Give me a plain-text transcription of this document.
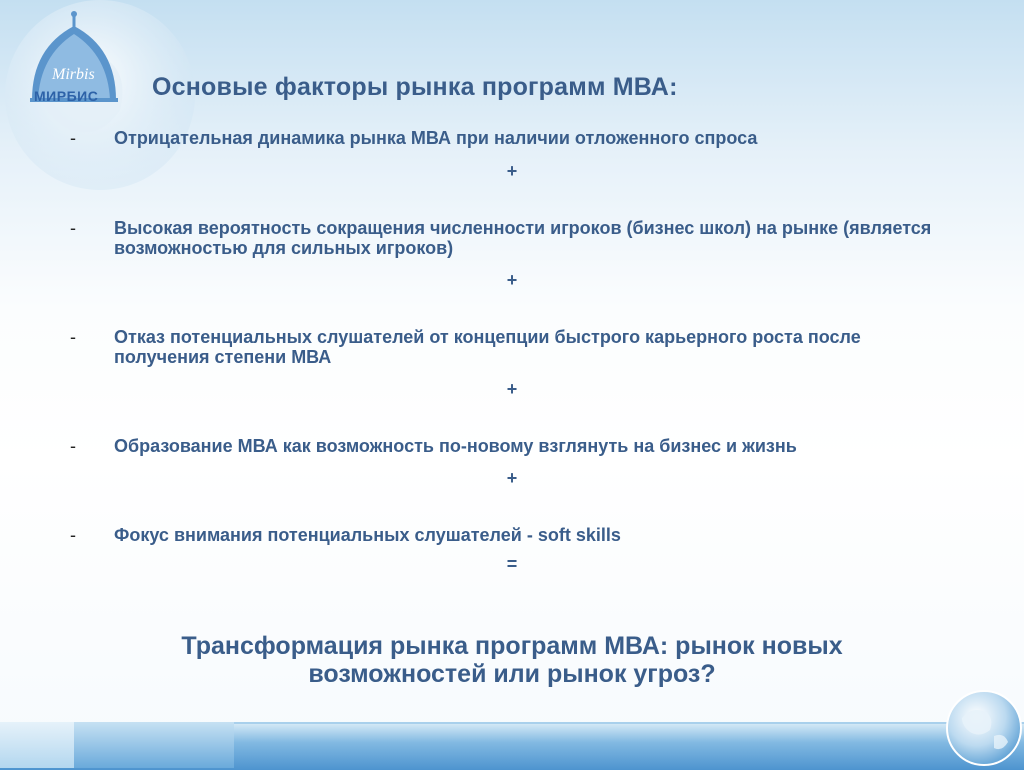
Mirbis
МИРБИС Основые факторы рынка программ МВА:
-	Отрицательная динамика рынка МВА при наличии отложенного спроса
+
-	Высокая вероятность сокращения численности игроков (бизнес школ) на рынке (является возможностью для сильных игроков)
+
-	Отказ потенциальных слушателей от концепции быстрого карьерного роста после получения степени МВА
+
-	Образование МВА как возможность по-новому взглянуть на бизнес и жизнь
+
-	Фокус внимания потенциальных слушателей - soft skills
=
Трансформация рынка программ МВА: рынок новых возможностей или рынок угроз?
